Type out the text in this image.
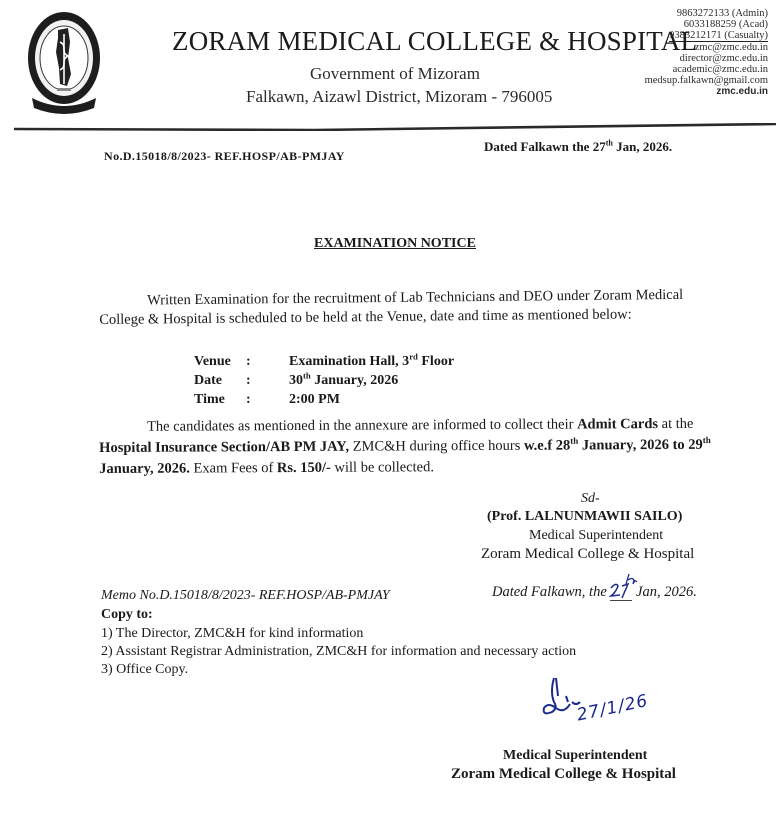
ZORAM MEDICAL COLLEGE & HOSPITAL
Government of Mizoram
Falkawn, Aizawl District, Mizoram - 796005
9863272133 (Admin)
6033188259 (Acad)
9383212171 (Casualty)
zmc@zmc.edu.in
director@zmc.edu.in
academic@zmc.edu.in
medsup.falkawn@gmail.com
zmc.edu.in
No.D.15018/8/2023- REF.HOSP/AB-PMJAY
Dated Falkawn the 27th Jan, 2026.
EXAMINATION NOTICE
Written Examination for the recruitment of Lab Technicians and DEO under Zoram Medical College & Hospital is scheduled to be held at the Venue, date and time as mentioned below:
Venue	:	Examination Hall, 3rd Floor
Date	:	30th January, 2026
Time	:	2:00 PM
The candidates as mentioned in the annexure are informed to collect their Admit Cards at the Hospital Insurance Section/AB PM JAY, ZMC&H during office hours w.e.f 28th January, 2026 to 29th January, 2026. Exam Fees of Rs. 150/- will be collected.
Sd-
(Prof. LALNUNMAWII SAILO)
Medical Superintendent
Zoram Medical College & Hospital
Memo No.D.15018/8/2023- REF.HOSP/AB-PMJAY	Dated Falkawn, the
Jan, 2026.
Copy to:
1) The Director, ZMC&H for kind information
2) Assistant Registrar Administration, ZMC&H for information and necessary action
3) Office Copy.
27/1/26
Medical Superintendent
Zoram Medical College & Hospital
